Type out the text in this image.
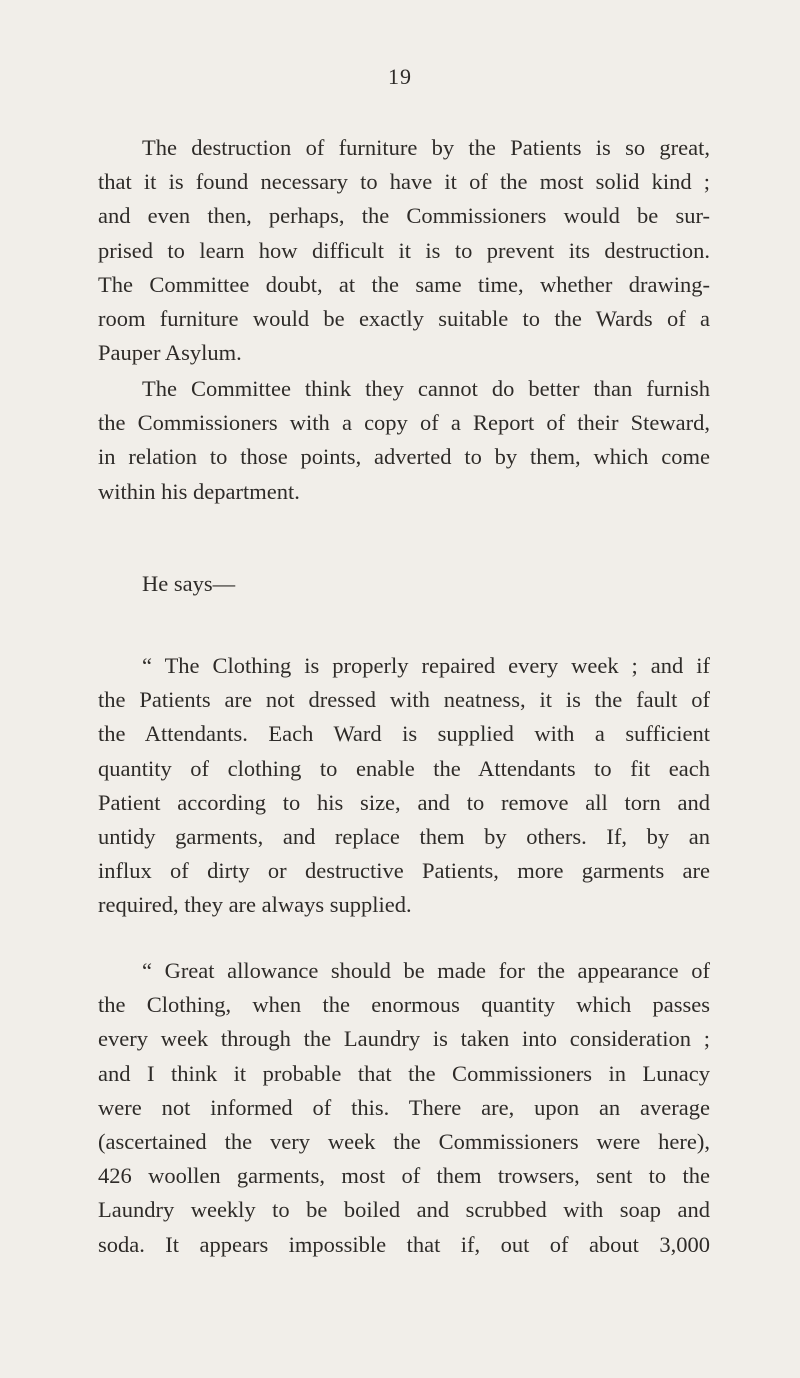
19
The destruction of furniture by the Patients is so great,
that it is found necessary to have it of the most solid kind ;
and even then, perhaps, the Commissioners would be sur-
prised to learn how difficult it is to prevent its destruction.
The Committee doubt, at the same time, whether drawing-
room furniture would be exactly suitable to the Wards of a
Pauper Asylum.
The Committee think they cannot do better than furnish
the Commissioners with a copy of a Report of their Steward,
in relation to those points, adverted to by them, which come
within his department.
He says—
“ The Clothing is properly repaired every week ; and if
the Patients are not dressed with neatness, it is the fault of
the Attendants. Each Ward is supplied with a sufficient
quantity of clothing to enable the Attendants to fit each
Patient according to his size, and to remove all torn and
untidy garments, and replace them by others. If, by an
influx of dirty or destructive Patients, more garments are
required, they are always supplied.
“ Great allowance should be made for the appearance of
the Clothing, when the enormous quantity which passes
every week through the Laundry is taken into consideration ;
and I think it probable that the Commissioners in Lunacy
were not informed of this. There are, upon an average
(ascertained the very week the Commissioners were here),
426 woollen garments, most of them trowsers, sent to the
Laundry weekly to be boiled and scrubbed with soap and
soda. It appears impossible that if, out of about 3,000
